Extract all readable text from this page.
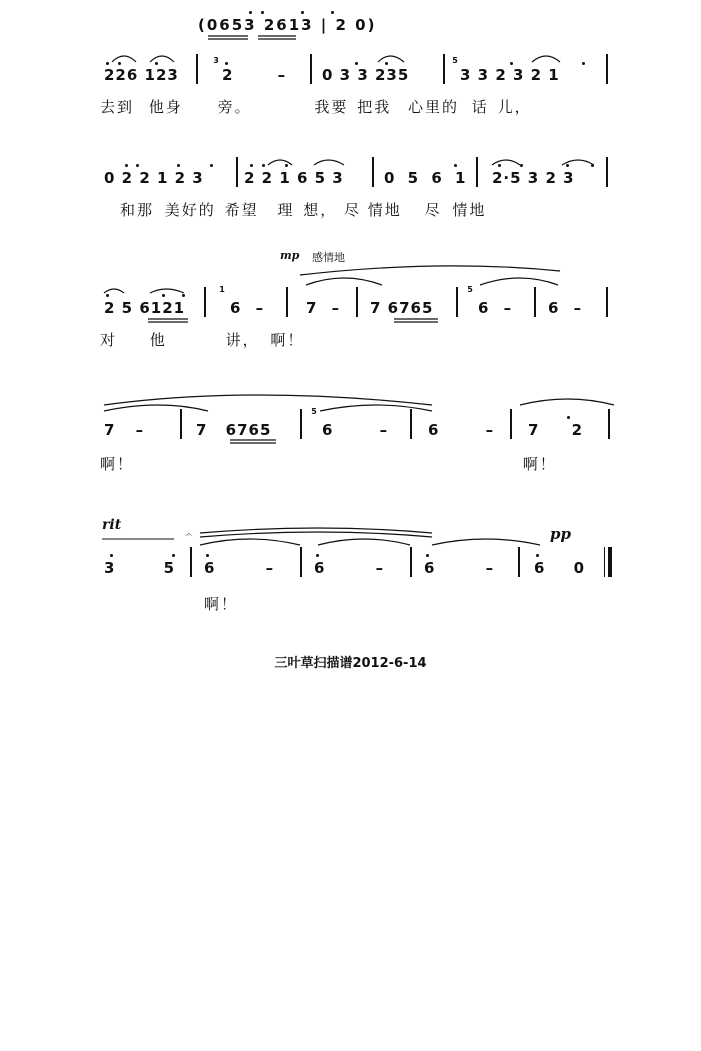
(0653 2613 | 2 0)
226 123
3
2 – 0 3 3 235
5
3 3 2 3 2 1
去到 他身 旁。	我要 把我 心里的 话 儿，
0 2 2 1 2 3	2 2 1 6 5 3	0 5 6 1 2·5 3 2 3
和那 美好的 希望 理 想， 尽 情地 尽 情地
mp 感情地
2 5 6121
1
6 –	7 – 7 6765
5
6 – 6 –
对 他	讲， 啊！
7 –	7 6765
5
6 –	6 – 7 2
啊！	啊！
rit	pp
𝄐
3 5 6 –	6 –	6 –	6 0
啊！
三叶草扫描谱2012-6-14
